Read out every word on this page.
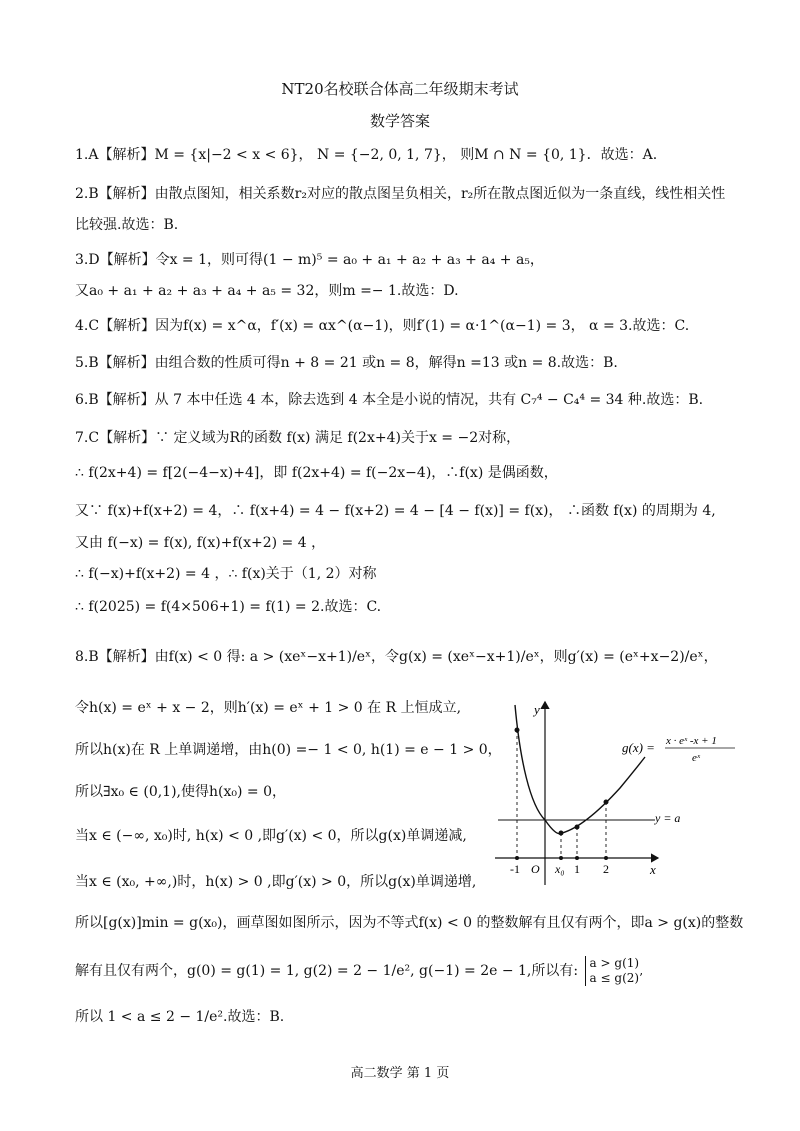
NT20名校联合体高二年级期末考试
数学答案
1.A【解析】M = {x|−2 < x < 6}， N = {−2, 0, 1, 7}， 则M ∩ N = {0, 1}．故选：A.
2.B【解析】由散点图知，相关系数r₂对应的散点图呈负相关，r₂所在散点图近似为一条直线，线性相关性
比较强.故选：B.
3.D【解析】令x = 1，则可得(1 − m)⁵ = a₀ + a₁ + a₂ + a₃ + a₄ + a₅，
又a₀ + a₁ + a₂ + a₃ + a₄ + a₅ = 32，则m =− 1.故选：D.
4.C【解析】因为f(x) = x^α，f′(x) = αx^(α−1)，则f′(1) = α·1^(α−1) = 3， α = 3.故选：C.
5.B【解析】由组合数的性质可得n + 8 = 21 或n = 8，解得n =13 或n = 8.故选：B.
6.B【解析】从 7 本中任选 4 本，除去选到 4 本全是小说的情况，共有 C₇⁴ − C₄⁴ = 34 种.故选：B.
7.C【解析】∵ 定义域为R的函数 f(x) 满足 f(2x+4)关于x = −2对称，
∴ f(2x+4) = f[2(−4−x)+4]，即 f(2x+4) = f(−2x−4)，∴f(x) 是偶函数，
又∵ f(x)+f(x+2) = 4，∴ f(x+4) = 4 − f(x+2) = 4 − [4 − f(x)] = f(x)， ∴函数 f(x) 的周期为 4,
又由 f(−x) = f(x), f(x)+f(x+2) = 4 ，
∴ f(−x)+f(x+2) = 4 ，∴ f(x)关于（1, 2）对称
∴ f(2025) = f(4×506+1) = f(1) = 2.故选：C.
8.B【解析】由f(x) < 0 得: a > (xeˣ−x+1)/eˣ，令g(x) = (xeˣ−x+1)/eˣ，则g′(x) = (eˣ+x−2)/eˣ，
令h(x) = eˣ + x − 2，则h′(x) = eˣ + 1 > 0 在 R 上恒成立,
所以h(x)在 R 上单调递增，由h(0) =− 1 < 0, h(1) = e − 1 > 0，
所以∃x₀ ∈ (0,1),使得h(x₀) = 0，
当x ∈ (−∞, x₀)时, h(x) < 0 ,即g′(x) < 0，所以g(x)单调递减,
当x ∈ (x₀, +∞,)时，h(x) > 0 ,即g′(x) > 0，所以g(x)单调递增,
所以[g(x)]min = g(x₀)，画草图如图所示，因为不等式f(x) < 0 的整数解有且仅有两个，即a > g(x)的整数
解有且仅有两个，g(0) = g(1) = 1, g(2) = 2 − 1/e², g(−1) = 2e − 1,所以有: a > g(1)
a ≤ g(2)’
所以 1 < a ≤ 2 − 1/e².故选：B.
y
x
O
y = a
-1	x₀ 1 2
g(x) = x · eˣ -x + 1
eˣ
高二数学 第 1 页
